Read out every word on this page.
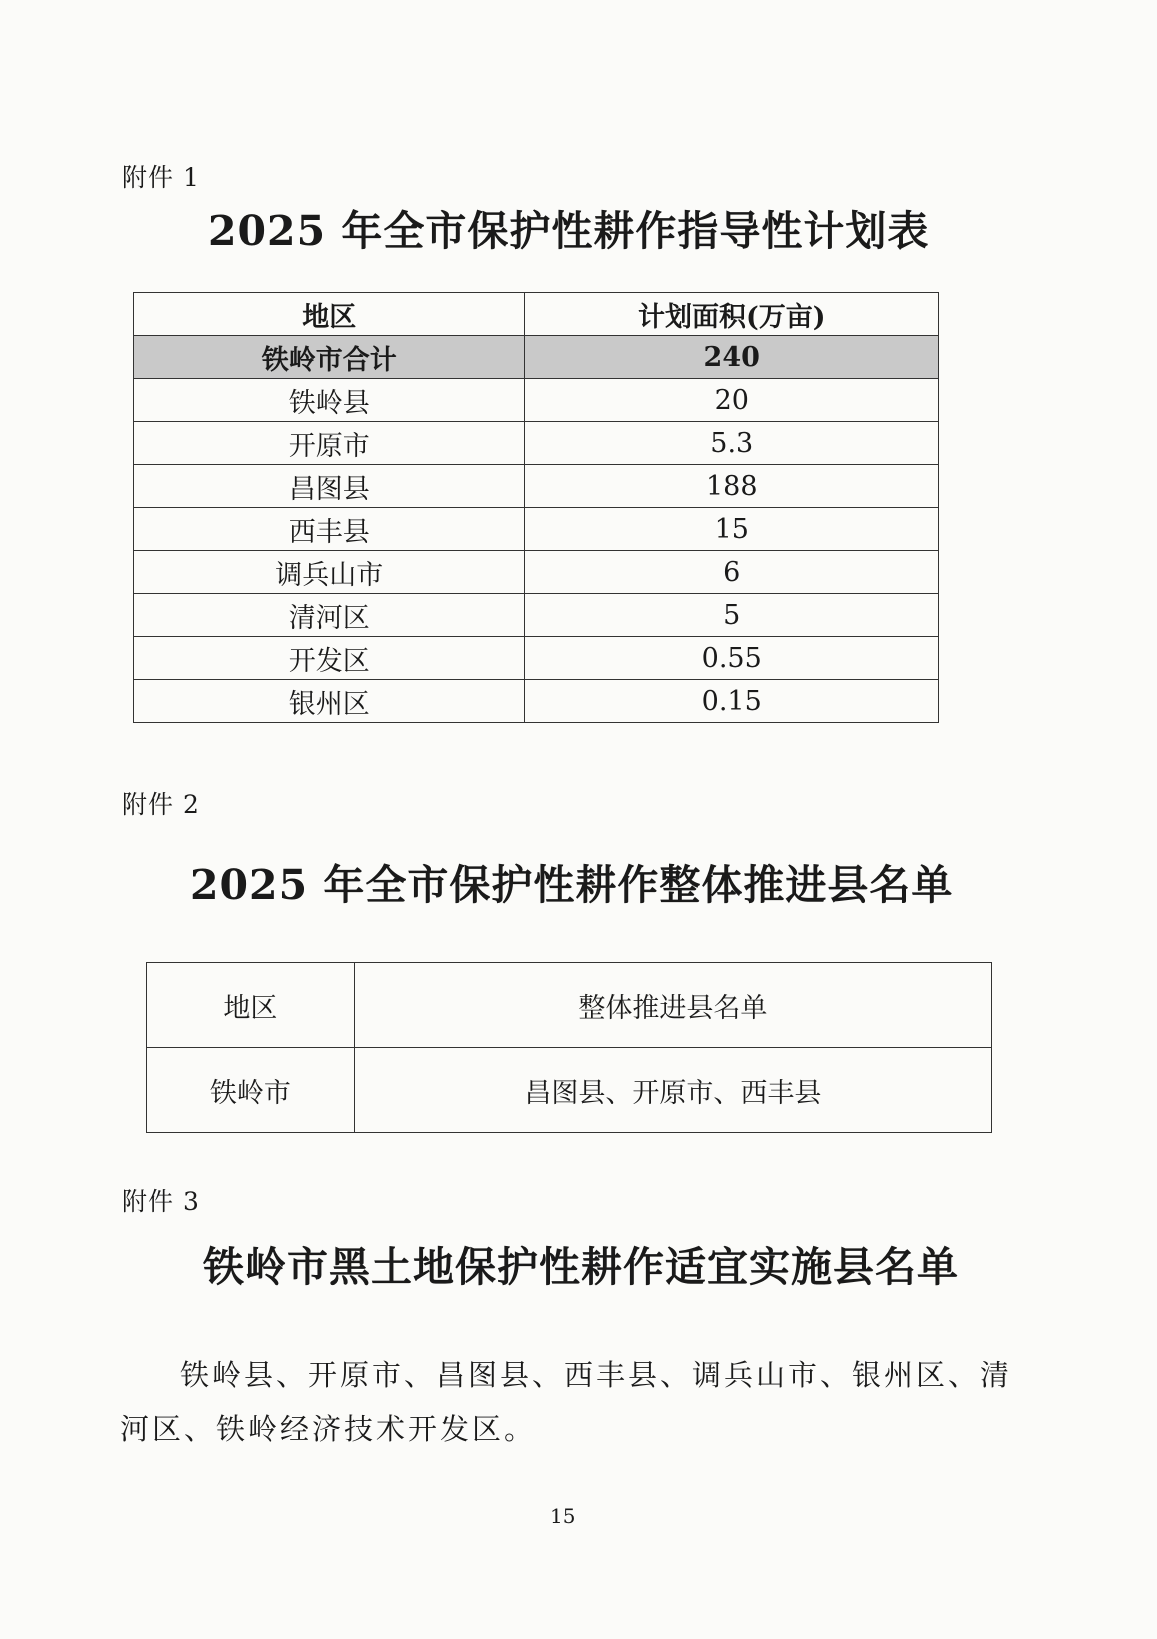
附件 1
2025 年全市保护性耕作指导性计划表
地区	计划面积(万亩)
铁岭市合计	240
铁岭县	20
开原市	5.3
昌图县	188
西丰县	15
调兵山市	6
清河区	5
开发区	0.55
银州区	0.15
附件 2
2025 年全市保护性耕作整体推进县名单
地区	整体推进县名单
铁岭市	昌图县、开原市、西丰县
附件 3
铁岭市黑土地保护性耕作适宜实施县名单
铁岭县、开原市、昌图县、西丰县、调兵山市、银州区、清
河区、铁岭经济技术开发区。
15
